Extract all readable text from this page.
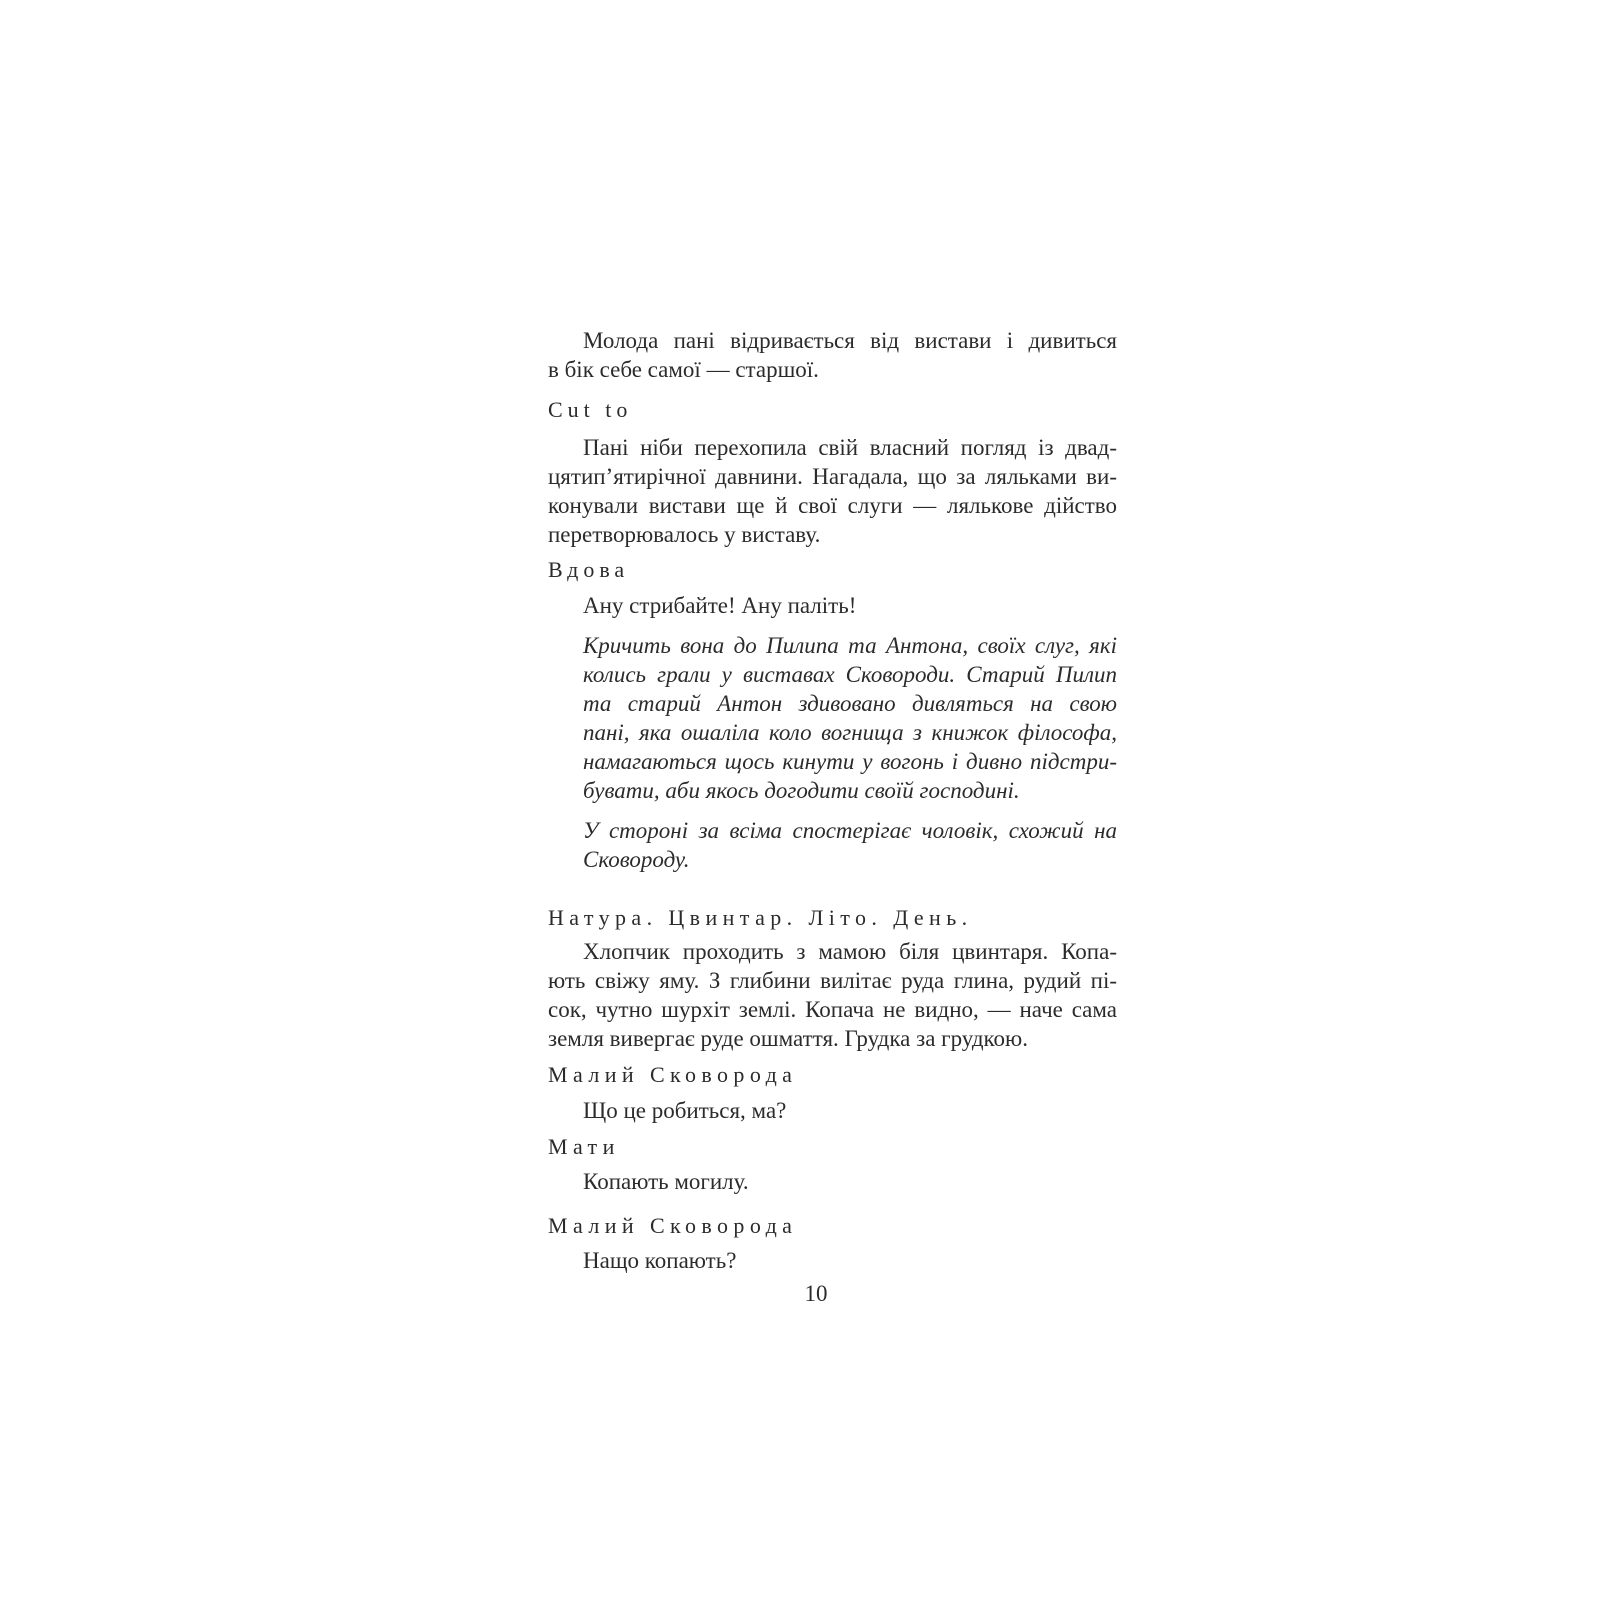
Молода пані відривається від вистави і дивиться

в бік себе самої — старшої.

Cut to

Пані ніби перехопила свій власний погляд із двад-

цятип’ятирічної давнини. Нагадала, що за ляльками ви-

конували вистави ще й свої слуги — лялькове дійство

перетворювалось у виставу.

Вдова

Ану стрибайте! Ану паліть!

Кричить вона до Пилипа та Антона, своїх слуг, які

колись грали у виставах Сковороди. Старий Пилип

та старий Антон здивовано дивляться на свою

пані, яка ошаліла коло вогнища з книжок філософа,

намагаються щось кинути у вогонь і дивно підстри-

бувати, аби якось догодити своїй господині.

У стороні за всіма спостерігає чоловік, схожий на

Сковороду.

Натура. Цвинтар. Літо. День.

Хлопчик проходить з мамою біля цвинтаря. Копа-

ють свіжу яму. З глибини вилітає руда глина, рудий пі-

сок, чутно шурхіт землі. Копача не видно, — наче сама

земля вивергає руде ошмаття. Грудка за грудкою.

Малий Сковорода

Що це робиться, ма?

Мати

Копають могилу.

Малий Сковорода

Нащо копають?

10
